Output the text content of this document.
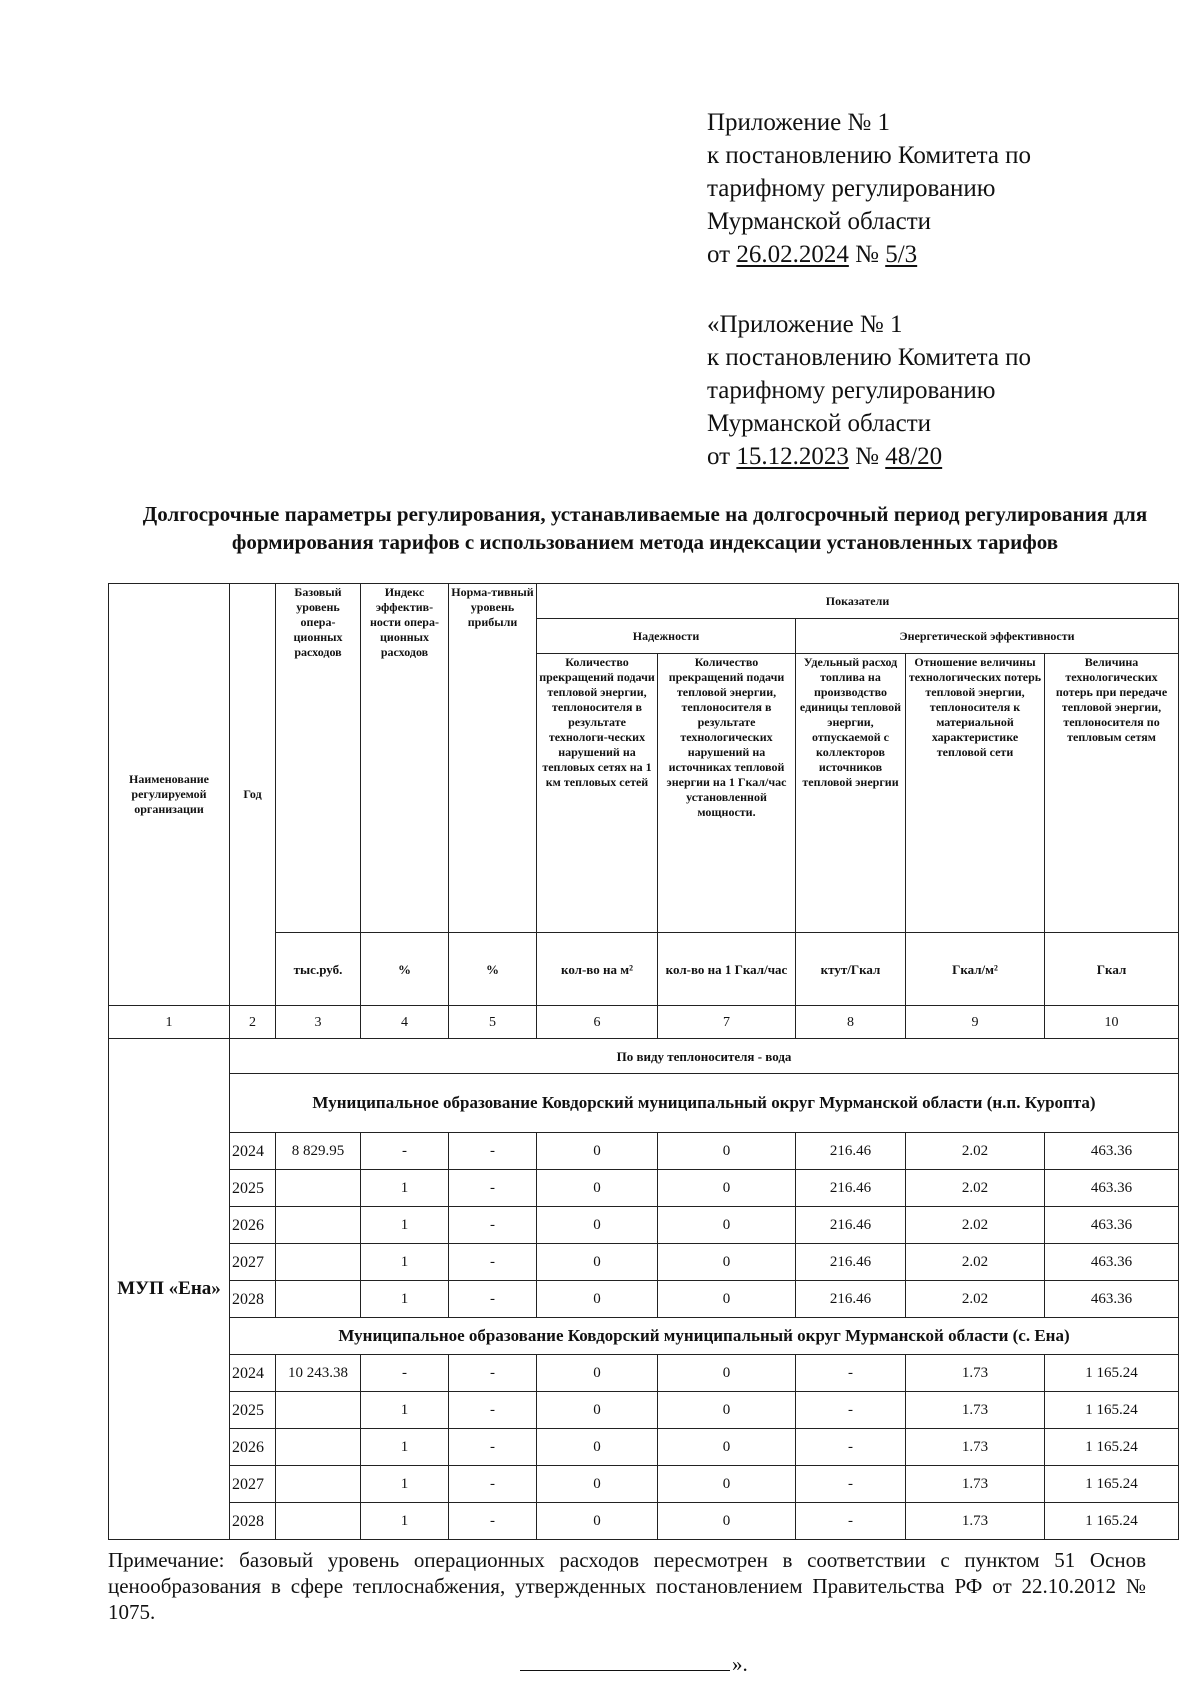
Приложение № 1
к постановлению Комитета по
тарифному регулированию
Мурманской области
от 26.02.2024 № 5/3
«Приложение № 1
к постановлению Комитета по
тарифному регулированию
Мурманской области
от 15.12.2023 № 48/20
Долгосрочные параметры регулирования, устанавливаемые на долгосрочный период регулирования для формирования тарифов с использованием метода индексации установленных тарифов
Наименование регулируемой организации	Год	Базовый уровень опера-ционных расходов	Индекс эффектив-ности опера-ционных расходов	Норма-тивный уровень прибыли	Показатели				
					Надежности		Энергетической эффективности		
					Количество прекращений подачи тепловой энергии, теплоносителя в результате технологи-ческих нарушений на тепловых сетях на 1 км тепловых сетей	Количество прекращений подачи тепловой энергии, теплоносителя в результате технологических нарушений на источниках тепловой энергии на 1 Гкал/час установленной мощности.	Удельный расход топлива на производство единицы тепловой энергии, отпускаемой с коллекторов источников тепловой энергии	Отношение величины технологических потерь тепловой энергии, теплоносителя к материальной характеристике тепловой сети	Величина технологических потерь при передаче тепловой энергии, теплоносителя по тепловым сетям
		тыс.руб.	%	%	кол-во на м²	кол-во на 1 Гкал/час	ктут/Гкал	Гкал/м²	Гкал
1	2	3	4	5	6	7	8	9	10
МУП «Ена»	По виду теплоносителя - вода								
	Муниципальное образование Ковдорский муниципальный округ Мурманской области (н.п. Куропта)								
	2024	8 829.95	-	-	0	0	216.46	2.02	463.36
	2025		1	-	0	0	216.46	2.02	463.36
	2026		1	-	0	0	216.46	2.02	463.36
	2027		1	-	0	0	216.46	2.02	463.36
	2028		1	-	0	0	216.46	2.02	463.36
	Муниципальное образование Ковдорский муниципальный округ Мурманской области (с. Ена)								
	2024	10 243.38	-	-	0	0	-	1.73	1 165.24
	2025		1	-	0	0	-	1.73	1 165.24
	2026		1	-	0	0	-	1.73	1 165.24
	2027		1	-	0	0	-	1.73	1 165.24
	2028		1	-	0	0	-	1.73	1 165.24
Примечание: базовый уровень операционных расходов пересмотрен в соответствии с пунктом 51 Основ ценообразования в сфере теплоснабжения, утвержденных постановлением Правительства РФ от 22.10.2012 № 1075.
».
